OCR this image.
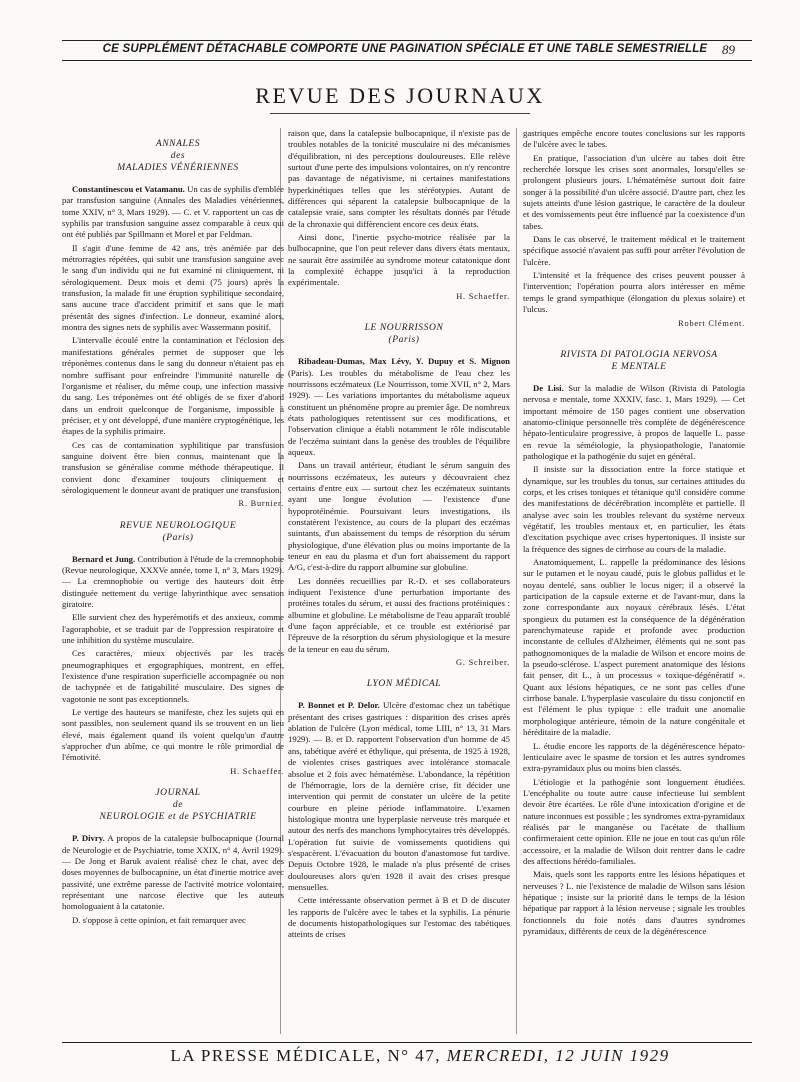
CE SUPPLÉMENT DÉTACHABLE COMPORTE UNE PAGINATION SPÉCIALE ET UNE TABLE SEMESTRIELLE 89
REVUE DES JOURNAUX

ANNALES

des

MALADIES VÉNÉRIENNES

Constantinescou et Vatamanu. Un cas de syphilis d'emblée par transfusion sanguine (Annales des Maladies vénériennes, tome XXIV, n° 3, Mars 1929). — C. et V. rapportent un cas de syphilis par transfusion sanguine assez comparable à ceux qui ont été publiés par Spillmann et Morel et par Feldman.

Il s'agit d'une femme de 42 ans, très anémiée par des métrorragies répétées, qui subit une transfusion sanguine avec le sang d'un individu qui ne fut examiné ni cliniquement, ni sérologiquement. Deux mois et demi (75 jours) après la transfusion, la malade fit une éruption syphilitique secondaire, sans aucune trace d'accident primitif et sans que le mari présentât des signes d'infection. Le donneur, examiné alors, montra des signes nets de syphilis avec Wassermann positif.

L'intervalle écoulé entre la contamination et l'éclosion des manifestations générales permet de supposer que les tréponèmes contenus dans le sang du donneur n'étaient pas en nombre suffisant pour enfreindre l'immunité naturelle de l'organisme et réaliser, du même coup, une infection massive du sang. Les tréponèmes ont été obligés de se fixer d'abord dans un endroit quelconque de l'organisme, impossible à préciser, et y ont développé, d'une manière cryptogénétique, les étapes de la syphilis primaire.

Ces cas de contamination syphilitique par transfusion sanguine doivent être bien connus, maintenant que la transfusion se généralise comme méthode thérapeutique. Il convient donc d'examiner toujours cliniquement et sérologiquement le donneur avant de pratiquer une transfusion.

R. Burnier.

REVUE NEUROLOGIQUE

(Paris)

Bernard et Jung. Contribution à l'étude de la cremnophobie (Revue neurologique, XXXVe année, tome I, n° 3, Mars 1929). — La cremnophobie ou vertige des hauteurs doit être distinguée nettement du vertige labyrinthique avec sensation giratoire.

Elle survient chez des hyperémotifs et des anxieux, comme l'agoraphobie, et se traduit par de l'oppression respiratoire et une inhibition du système musculaire.

Ces caractères, mieux objectivés par les tracés pneumographiques et ergographiques, montrent, en effet, l'existence d'une respiration superficielle accompagnée ou non de tachypnée et de fatigabilité musculaire. Des signes de vagotonie ne sont pas exceptionnels.

Le vertige des hauteurs se manifeste, chez les sujets qui en sont passibles, non seulement quand ils se trouvent en un lieu élevé, mais également quand ils voient quelqu'un d'autre s'approcher d'un abîme, ce qui montre le rôle primordial de l'émotivité.

H. Schaeffer.

JOURNAL

de

NEUROLOGIE et de PSYCHIATRIE

P. Divry. A propos de la catalepsie bulbocapnique (Journal de Neurologie et de Psychiatrie, tome XXIX, n° 4, Avril 1929). — De Jong et Baruk avaient réalisé chez le chat, avec des doses moyennes de bulbocapnine, un état d'inertie motrice avec passivité, une extrême paresse de l'activité motrice volontaire, représentant une narcose élective que les auteurs homologuaient à la catatonie.

D. s'oppose à cette opinion, et fait remarquer avec

raison que, dans la catalepsie bulbocapnique, il n'existe pas de troubles notables de la tonicité musculaire ni des mécanismes d'équilibration, ni des perceptions douloureuses. Elle relève surtout d'une perte des impulsions volontaires, on n'y rencontre pas davantage de négativisme, ni certaines manifestations hyperkinétiques telles que les stéréotypies. Autant de différences qui séparent la catalepsie bulbocapnique de la catalepsie vraie, sans compter les résultats donnés par l'étude de la chronaxie qui diffèrencient encore ces deux états.

Ainsi donc, l'inertie psycho-motrice réalisée par la bulbocapnine, que l'on peut relever dans divers états mentaux, ne saurait être assimilée au syndrome moteur catatonique dont la complexité échappe jusqu'ici à la reproduction expérimentale.

H. Schaeffer.

LE NOURRISSON

(Paris)

Ribadeau-Dumas, Max Lévy, Y. Dupuy et S. Mignon (Paris). Les troubles du métabolisme de l'eau chez les nourrissons eczémateux (Le Nourrisson, tome XVII, n° 2, Mars 1929). — Les variations importantes du métabolisme aqueux constituent un phénomène propre au premier âge. De nombreux états pathologiques retentissent sur ces modifications, et l'observation clinique a établi notamment le rôle indiscutable de l'eczéma suintant dans la genèse des troubles de l'équilibre aqueux.

Dans un travail antérieur, étudiant le sérum sanguin des nourrissons eczémateux, les auteurs y découvraient chez certains d'entre eux — surtout chez les eczémateux suintants ayant une longue évolution — l'existence d'une hypoprotéinémie. Poursuivant leurs investigations, ils constatèrent l'existence, au cours de la plupart des eczémas suintants, d'un abaissement du temps de résorption du sérum physiologique, d'une élévation plus ou moins importante de la teneur en eau du plasma et d'un fort abaissement du rapport A/G, c'est-à-dire du rapport albumine sur globuline.

Les données recueillies par R.-D. et ses collaborateurs indiquent l'existence d'une perturbation importante des protéines totales du sérum, et aussi des fractions protéiniques : albumine et globuline. Le métabolisme de l'eau apparaît troublé d'une façon appréciable, et ce trouble est extériorisé par l'épreuve de la résorption du sérum physiologique et la mesure de la teneur en eau du sérum.

G. Schreiber.

LYON MÉDICAL

P. Bonnet et P. Delor. Ulcère d'estomac chez un tabétique présentant des crises gastriques : disparition des crises après ablation de l'ulcère (Lyon médical, tome LIII, n° 13, 31 Mars 1929). — B. et D. rapportent l'observation d'un homme de 45 ans, tabétique avéré et éthylique, qui présenta, de 1925 à 1928, de violentes crises gastriques avec intolérance stomacale absolue et 2 fois avec hématémèse. L'abondance, la répétition de l'hémorragie, lors de la dernière crise, fit décider une intervention qui permit de constater un ulcère de la petite courbure en pleine période inflammatoire. L'examen histologique montra une hyperplasie nerveuse très marquée et autour des nerfs des manchons lymphocytaires très développés. L'opération fut suivie de vomissements quotidiens qui s'espacèrent. L'évacuation du bouton d'anastomose fut tardive. Depuis Octobre 1928, le malade n'a plus présenté de crises douloureuses alors qu'en 1928 il avait des crises presque mensuelles.

Cette intéressante observation permet à B et D de discuter les rapports de l'ulcère avec le tabes et la syphilis. La pénurie de documents histopathologiques sur l'estomac des tabétiques atteints de crises

gastriques empêche encore toutes conclusions sur les rapports de l'ulcère avec le tabes.

En pratique, l'association d'un ulcère au tabes doit être recherchée lorsque les crises sont anormales, lorsqu'elles se prolongent plusieurs jours. L'hématémèse surtout doit faire songer à la possibilité d'un ulcère associé. D'autre part, chez les sujets atteints d'une lésion gastrique, le caractère de la douleur et des vomissements peut être influencé par la coexistence d'un tabes.

Dans le cas observé, le traitement médical et le traitement spécifique associé n'avaient pas suffi pour arrêter l'évolution de l'ulcère.

L'intensité et la fréquence des crises peuvent pousser à l'intervention; l'opération pourra alors intéresser en même temps le grand sympathique (élongation du plexus solaire) et l'ulcus.

Robert Clément.

RIVISTA DI PATOLOGIA NERVOSA

E MENTALE

De Lisi. Sur la maladie de Wilson (Rivista di Patologia nervosa e mentale, tome XXXIV, fasc. 1, Mars 1929). — Cet important mémoire de 150 pages contient une observation anatomo-clinique personnelle très complète de dégénérescence hépato-lenticulaire progressive, à propos de laquelle L. passe en revue la séméiologie, la physiopathologie, l'anatomie pathologique et la pathogénie du sujet en général.

Il insiste sur la dissociation entre la force statique et dynamique, sur les troubles du tonus, sur certaines attitudes du corps, et les crises toniques et tétanique qu'il considère comme des manifestations de décérébration incomplète et partielle. Il analyse avec soin les troubles relevant du système nerveux végétatif, les troubles mentaux et, en particulier, les états d'excitation psychique avec crises hypertoniques. Il insiste sur la fréquence des signes de cirrhose au cours de la maladie.

Anatomiquement, L. rappelle la prédominance des lésions sur le putamen et le noyau caudé, puis le globus pallidus et le noyau dentelé, sans oublier le locus niger; il a observé la participation de la capsule externe et de l'avant-mur, dans la zone correspondante aux noyaux cérébraux lésés. L'état spongieux du putamen est la conséquence de la dégénération parenchymateuse rapide et profonde avec production inconstante de cellules d'Alzheimer, éléments qui ne sont pas pathognomoniques de la maladie de Wilson et encore moins de la pseudo-sclérose. L'aspect purement anatomique des lésions fait penser, dit L., à un processus « toxique-dégénératif ». Quant aux lésions hépatiques, ce ne sont pas celles d'une cirrhose banale. L'hyperplasie vasculaire du tissu conjonctif en est l'élément le plus typique : elle traduit une anomalie morphologique antérieure, témoin de la nature congénitale et héréditaire de la maladie.

L. étudie encore les rapports de la dégénérescence hépato-lenticulaire avec le spasme de torsion et les autres syndromes extra-pyramidaux plus ou moins bien classés.

L'étiologie et la pathogénie sont longuement étudiées. L'encéphalite ou toute autre cause infectieuse lui semblent devoir être écartées. Le rôle d'une intoxication d'origine et de nature inconnues est possible ; les syndromes extra-pyramidaux réalisés par le manganèse ou l'acétate de thallium confirmeraient cette opinion. Elle ne joue en tout cas qu'un rôle accessoire, et la maladie de Wilson doit rentrer dans le cadre des affections hérédo-familiales.

Mais, quels sont les rapports entre les lésions hépatiques et nerveuses ? L. nie l'existence de maladie de Wilson sans lésion hépatique ; insiste sur la priorité dans le temps de la lésion hépatique par rapport à la lésion nerveuse ; signale les troubles fonctionnels du foie notés dans d'autres syndromes pyramidaux, différents de ceux de la dégénérescence

LA PRESSE MÉDICALE, N° 47, MERCREDI, 12 JUIN 1929
